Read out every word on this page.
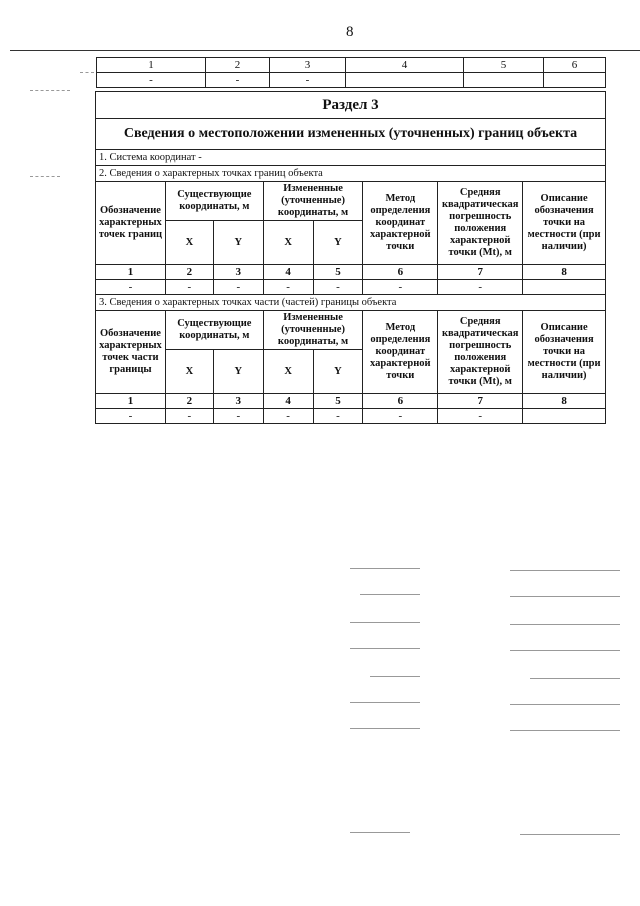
8
1	2	3	4	5	6
-	-	-			
Раздел 3							
Сведения о местоположении измененных (уточненных) границ объекта							
1. Система координат -							
2. Сведения о характерных точках границ объекта							
Обозначение характерных точек границ	Существующие координаты, м		Измененные (уточненные) координаты, м		Метод определения координат характерной точки	Средняя квадратическая погрешность положения характерной точки (Мt), м	Описание обозначения точки на местности (при наличии)
	X	Y	X	Y			
1	2	3	4	5	6	7	8
-	-	-	-	-	-	-	
3. Сведения о характерных точках части (частей) границы объекта							
Обозначение характерных точек части границы	Существующие координаты, м		Измененные (уточненные) координаты, м		Метод определения координат характерной точки	Средняя квадратическая погрешность положения характерной точки (Мt), м	Описание обозначения точки на местности (при наличии)
	X	Y	X	Y			
1	2	3	4	5	6	7	8
-	-	-	-	-	-	-	
